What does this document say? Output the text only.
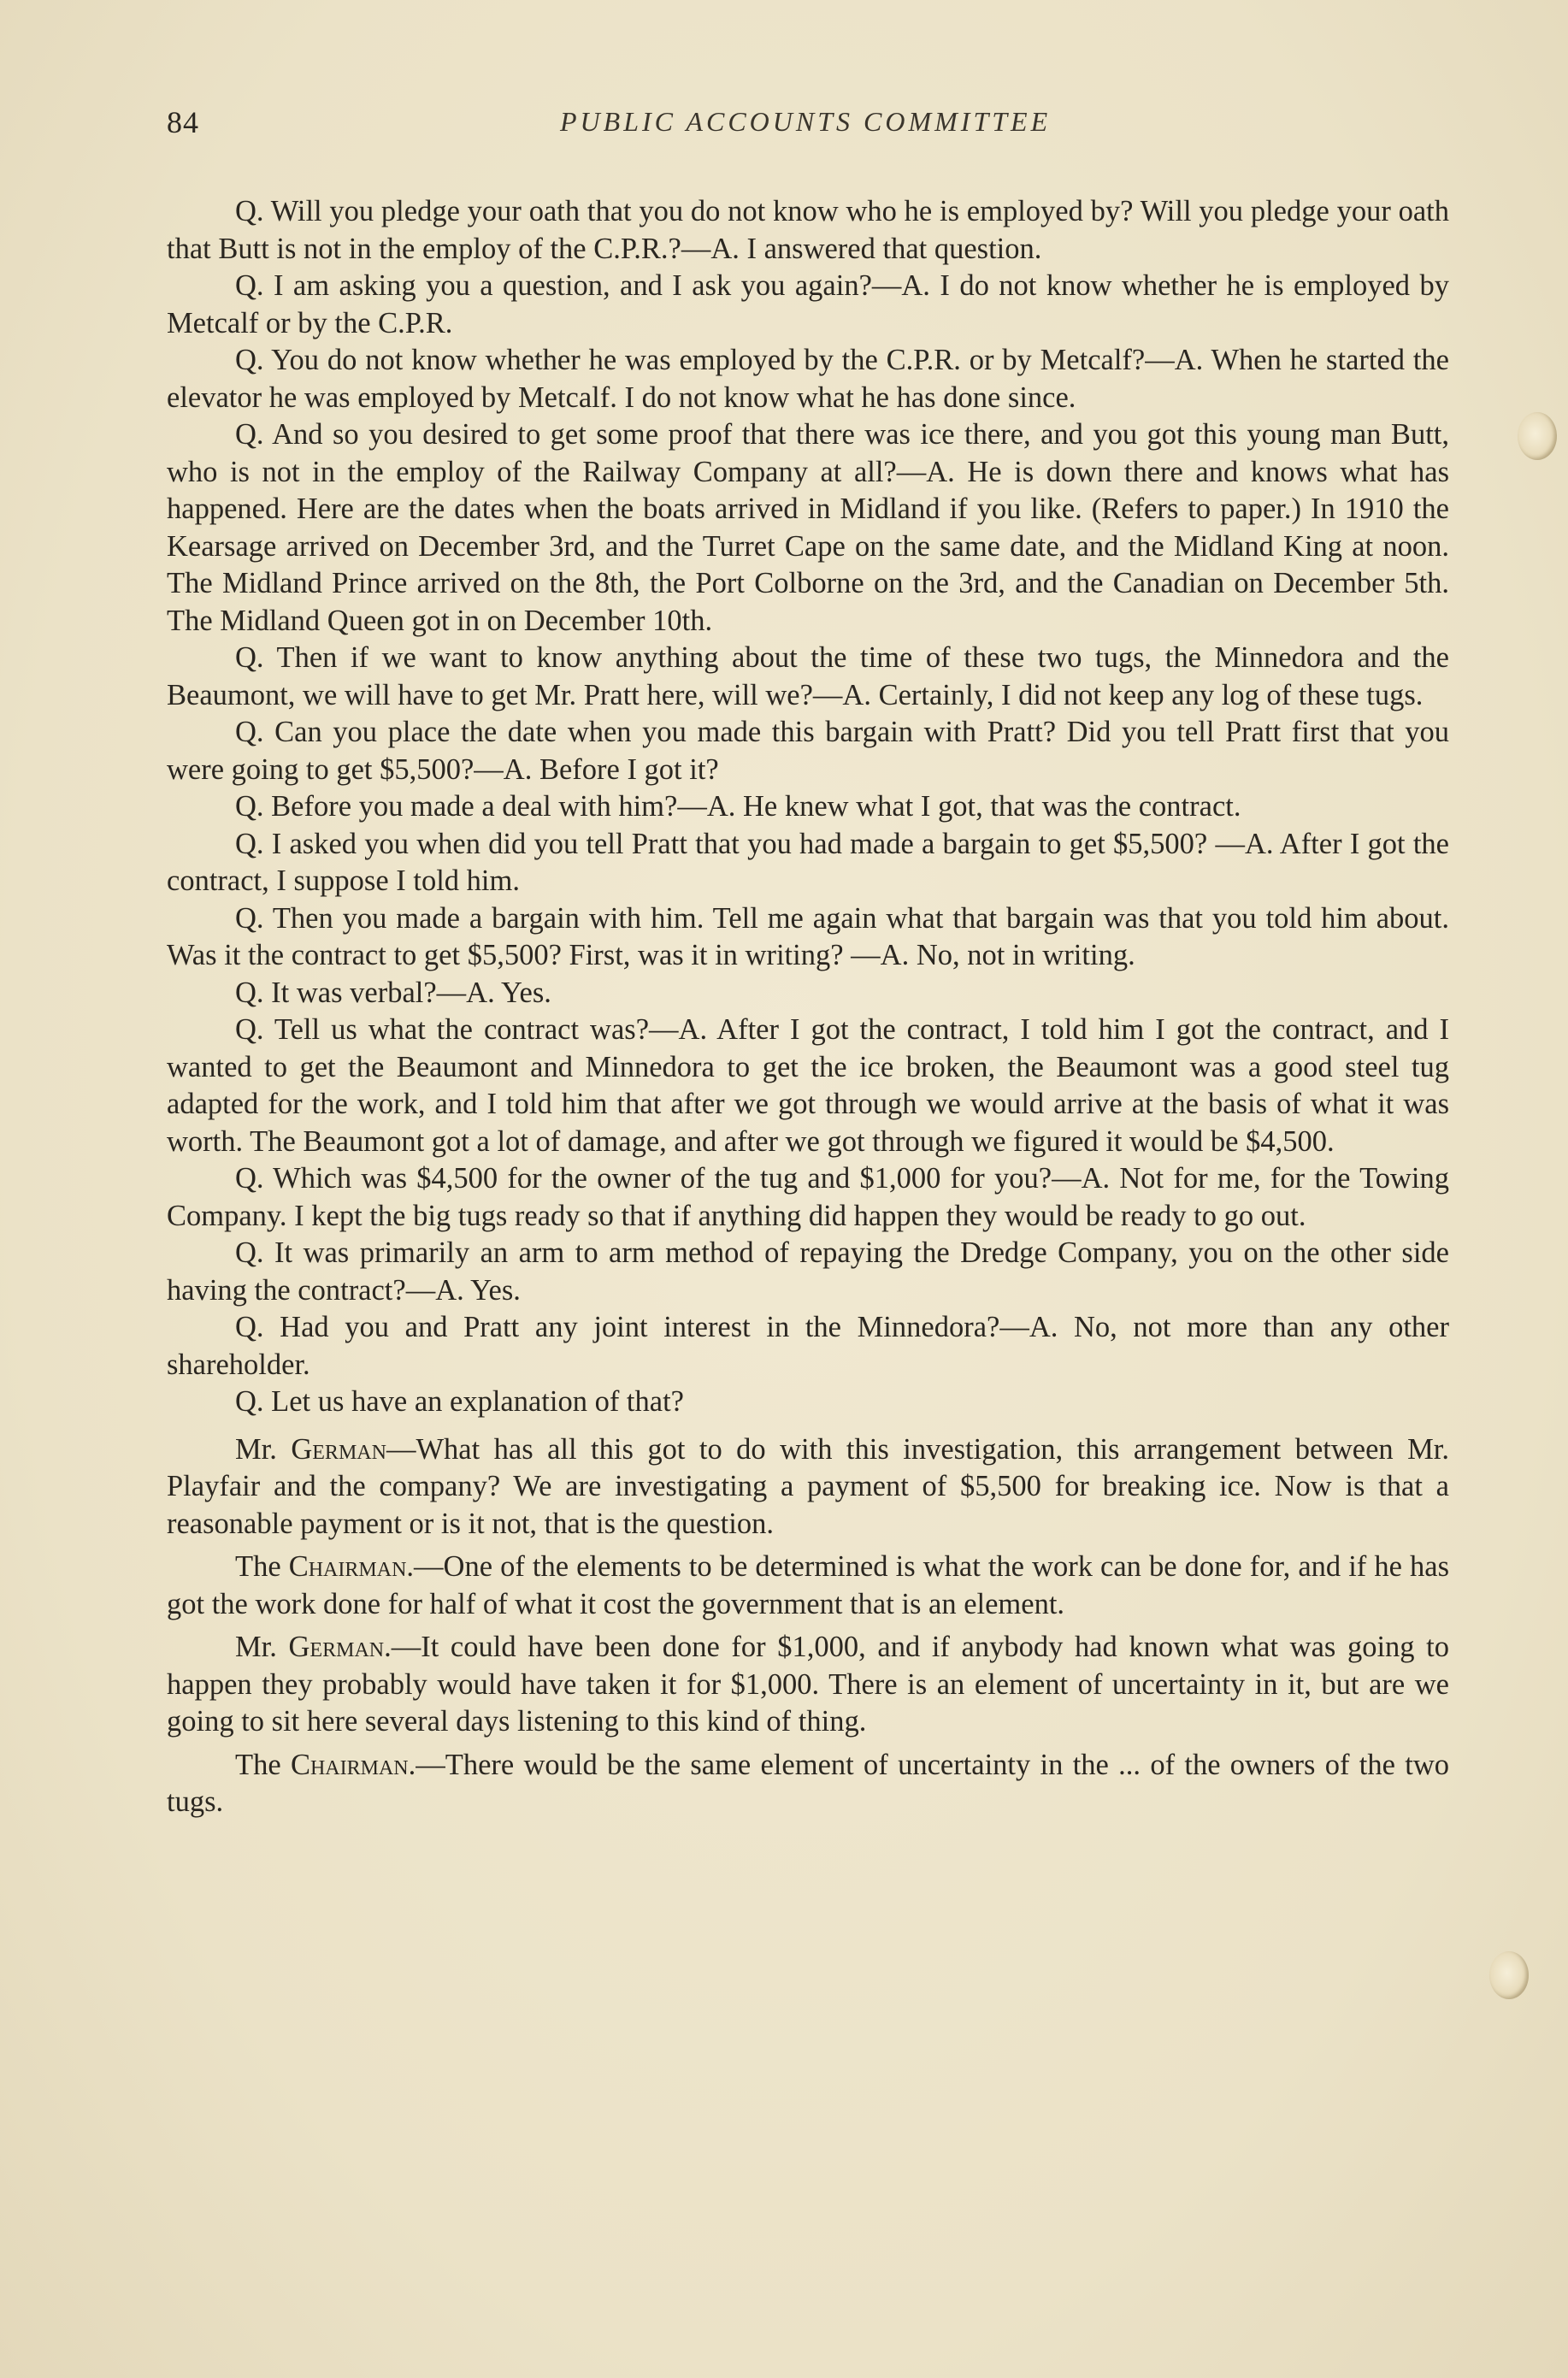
84	PUBLIC ACCOUNTS COMMITTEE

Q. Will you pledge your oath that you do not know who he is employed by? Will you pledge your oath that Butt is not in the employ of the C.P.R.?—A. I answered that question.

Q. I am asking you a question, and I ask you again?—A. I do not know whether he is employed by Metcalf or by the C.P.R.

Q. You do not know whether he was employed by the C.P.R. or by Metcalf?—A. When he started the elevator he was employed by Metcalf. I do not know what he has done since.

Q. And so you desired to get some proof that there was ice there, and you got this young man Butt, who is not in the employ of the Railway Company at all?—A. He is down there and knows what has happened. Here are the dates when the boats arrived in Midland if you like. (Refers to paper.) In 1910 the Kearsage arrived on December 3rd, and the Turret Cape on the same date, and the Midland King at noon. The Midland Prince arrived on the 8th, the Port Colborne on the 3rd, and the Canadian on December 5th. The Midland Queen got in on December 10th.

Q. Then if we want to know anything about the time of these two tugs, the Minnedora and the Beaumont, we will have to get Mr. Pratt here, will we?—A. Certainly, I did not keep any log of these tugs.

Q. Can you place the date when you made this bargain with Pratt? Did you tell Pratt first that you were going to get $5,500?—A. Before I got it?

Q. Before you made a deal with him?—A. He knew what I got, that was the contract.

Q. I asked you when did you tell Pratt that you had made a bargain to get $5,500? —A. After I got the contract, I suppose I told him.

Q. Then you made a bargain with him. Tell me again what that bargain was that you told him about. Was it the contract to get $5,500? First, was it in writing? —A. No, not in writing.

Q. It was verbal?—A. Yes.

Q. Tell us what the contract was?—A. After I got the contract, I told him I got the contract, and I wanted to get the Beaumont and Minnedora to get the ice broken, the Beaumont was a good steel tug adapted for the work, and I told him that after we got through we would arrive at the basis of what it was worth. The Beaumont got a lot of damage, and after we got through we figured it would be $4,500.

Q. Which was $4,500 for the owner of the tug and $1,000 for you?—A. Not for me, for the Towing Company. I kept the big tugs ready so that if anything did happen they would be ready to go out.

Q. It was primarily an arm to arm method of repaying the Dredge Company, you on the other side having the contract?—A. Yes.

Q. Had you and Pratt any joint interest in the Minnedora?—A. No, not more than any other shareholder.

Q. Let us have an explanation of that?

Mr. German—What has all this got to do with this investigation, this arrangement between Mr. Playfair and the company? We are investigating a payment of $5,500 for breaking ice. Now is that a reasonable payment or is it not, that is the question.

The Chairman.—One of the elements to be determined is what the work can be done for, and if he has got the work done for half of what it cost the government that is an element.

Mr. German.—It could have been done for $1,000, and if anybody had known what was going to happen they probably would have taken it for $1,000. There is an element of uncertainty in it, but are we going to sit here several days listening to this kind of thing.

The Chairman.—There would be the same element of uncertainty in the ... of the owners of the two tugs.
